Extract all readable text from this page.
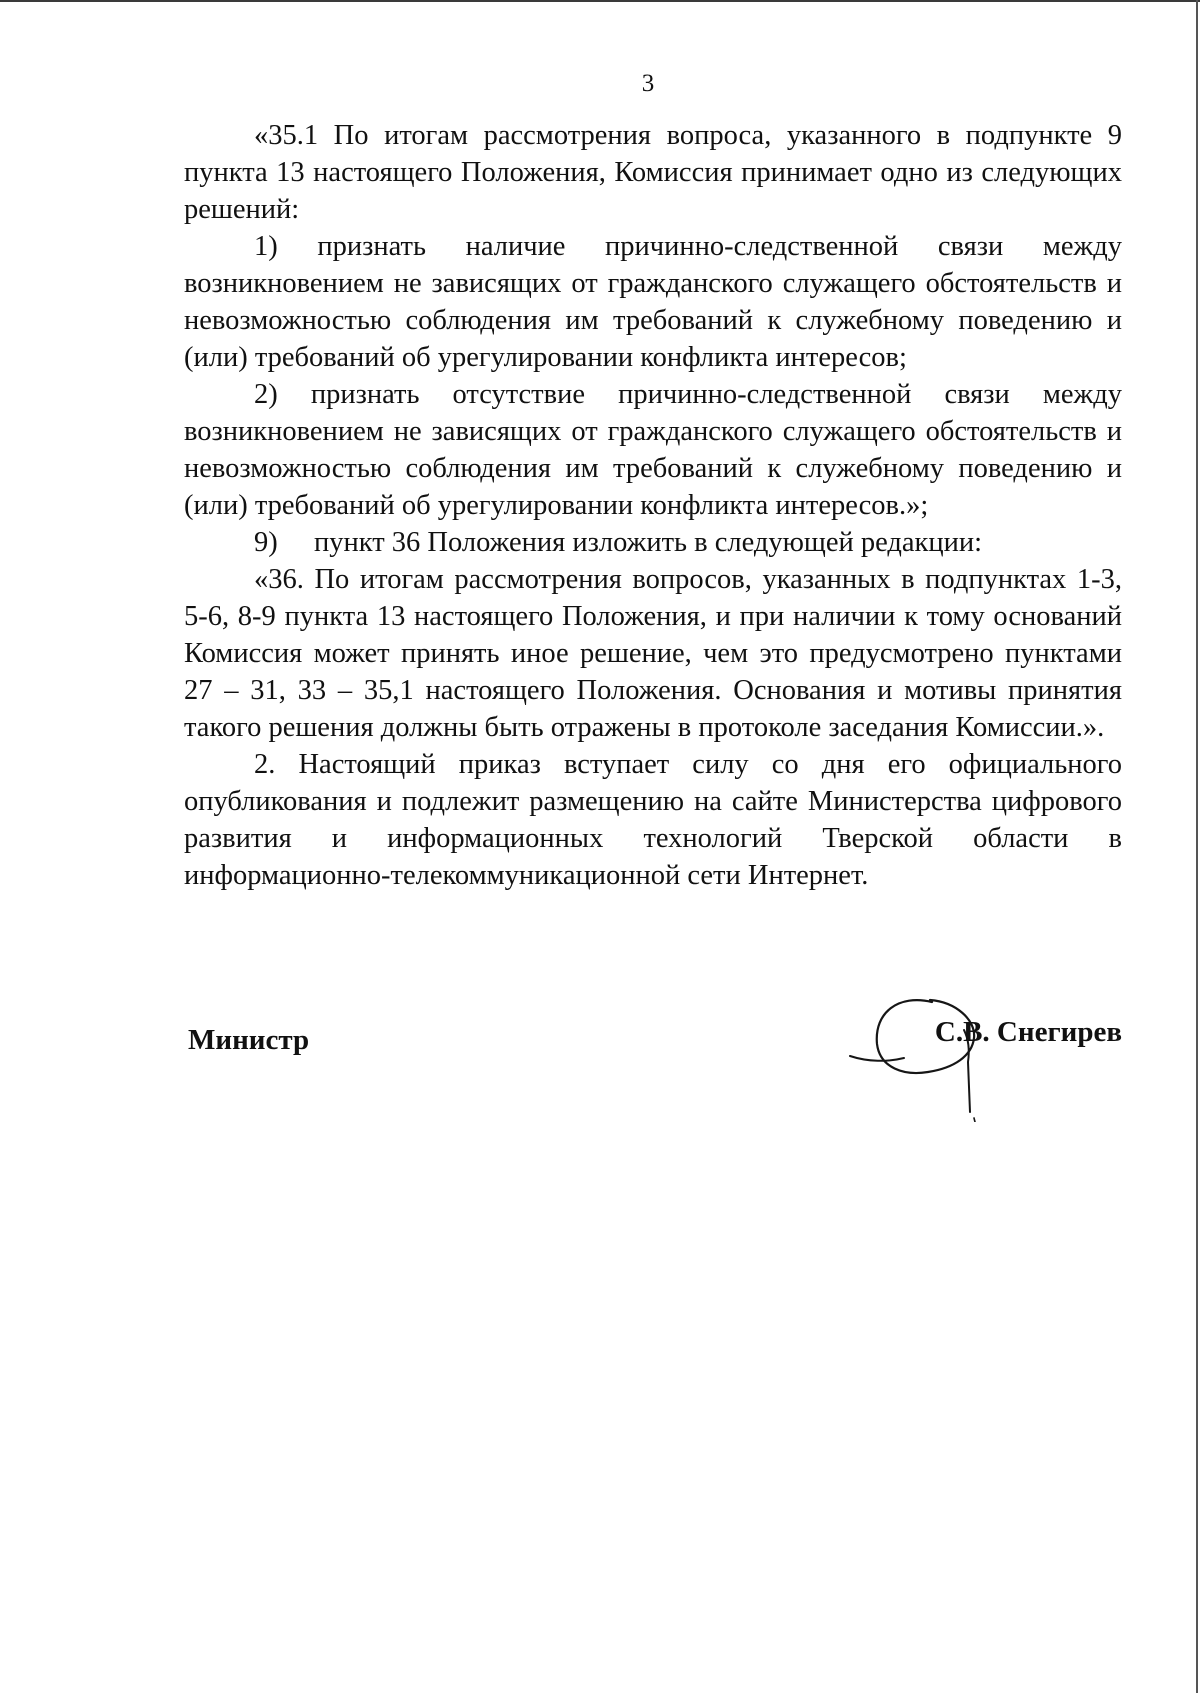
3

«35.1 По итогам рассмотрения вопроса, указанного в подпункте 9 пункта 13 настоящего Положения, Комиссия принимает одно из следующих решений:

1) признать наличие причинно-следственной связи между возникновением не зависящих от гражданского служащего обстоятельств и невозможностью соблюдения им требований к служебному поведению и (или) требований об урегулировании конфликта интересов;

2) признать отсутствие причинно-следственной связи между возникновением не зависящих от гражданского служащего обстоятельств и невозможностью соблюдения им требований к служебному поведению и (или) требований об урегулировании конфликта интересов.»;

9) пункт 36 Положения изложить в следующей редакции:

«36. По итогам рассмотрения вопросов, указанных в подпунктах 1-3, 5-6, 8-9 пункта 13 настоящего Положения, и при наличии к тому оснований Комиссия может принять иное решение, чем это предусмотрено пунктами 27 – 31, 33 – 35,1 настоящего Положения. Основания и мотивы принятия такого решения должны быть отражены в протоколе заседания Комиссии.».

2. Настоящий приказ вступает силу со дня его официального опубликования и подлежит размещению на сайте Министерства цифрового развития и информационных технологий Тверской области в информационно-телекоммуникационной сети Интернет.

Министр	С.В. Снегирев
